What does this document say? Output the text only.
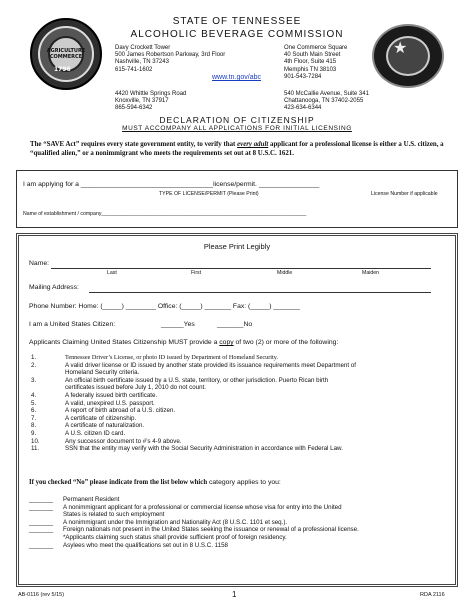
AGRICULTURE COMMERCE
1796
★
STATE OF TENNESSEE
ALCOHOLIC BEVERAGE COMMISSION
Davy Crockett Tower
500 James Robertson Parkway, 3rd Floor
Nashville, TN 37243
615-741-1602
One Commerce Square
40 South Main Street
4th Floor, Suite 415
Memphis TN 38103
901-543-7284
www.tn.gov/abc
4420 Whittle Springs Road
Knoxville, TN 37917
865-594-6342
540 McCallie Avenue, Suite 341
Chattanooga, TN 37402-2055
423-634-6344
DECLARATION OF CITIZENSHIP
MUST ACCOMPANY ALL APPLICATIONS FOR INITIAL LICENSING
The “SAVE Act” requires every state government entity, to verify that every adult applicant for a professional license is either a U.S. citizen, a “qualified alien,” or a nonimmigrant who meets the requirements set out at 8 U.S.C. 1621.
I am applying for a ___________________________________license/permit. ________________
TYPE OF LICENSE/PERMIT (Please Print)	License Number if applicable
Name of establishment / company_______________________________________________________________________
Please Print Legibly
Name:
Last	First	Middle	Maiden
Mailing Address:
Phone Number: Home: (_____) ________ Office: (_____) _______ Fax: (_____) _______
I am a United States Citizen:	______Yes	_______No
Applicants Claiming United States Citizenship MUST provide a copy of two (2) or more of the following:
1.	Tennessee Driver’s License, or photo ID issued by Department of Homeland Security.
2.	A valid driver license or ID issued by another state provided its issuance requirements meet Department of
Homeland Security criteria.
3.	An official birth certificate issued by a U.S. state, territory, or other jurisdiction. Puerto Rican birth
certificates issued before July 1, 2010 do not count.
4.	A federally issued birth certificate.
5.	A valid, unexpired U.S. passport.
6.	A report of birth abroad of a U.S. citizen.
7.	A certificate of citizenship.
8.	A certificate of naturalization.
9.	A U.S. citizen ID card.
10.	Any successor document to #’s 4-9 above.
11.	SSN that the entity may verify with the Social Security Administration in accordance with Federal Law.
If you checked “No” please indicate from the list below which category applies to you:
_______	Permanent Resident
_______	A nonimmigrant applicant for a professional or commercial license whose visa for entry into the United
States is related to such employment
_______	A nonimmigrant under the Immigration and Nationality Act (8 U.S.C. 1101 et seq.).
_______	Foreign nationals not present in the United States seeking the issuance or renewal of a professional license.
*Applicants claiming such status shall provide sufficient proof of foreign residency.
_______	Asylees who meet the qualifications set out in 8 U.S.C. 1158
AB-0116 (rev 5/15)	1	RDA 2116
